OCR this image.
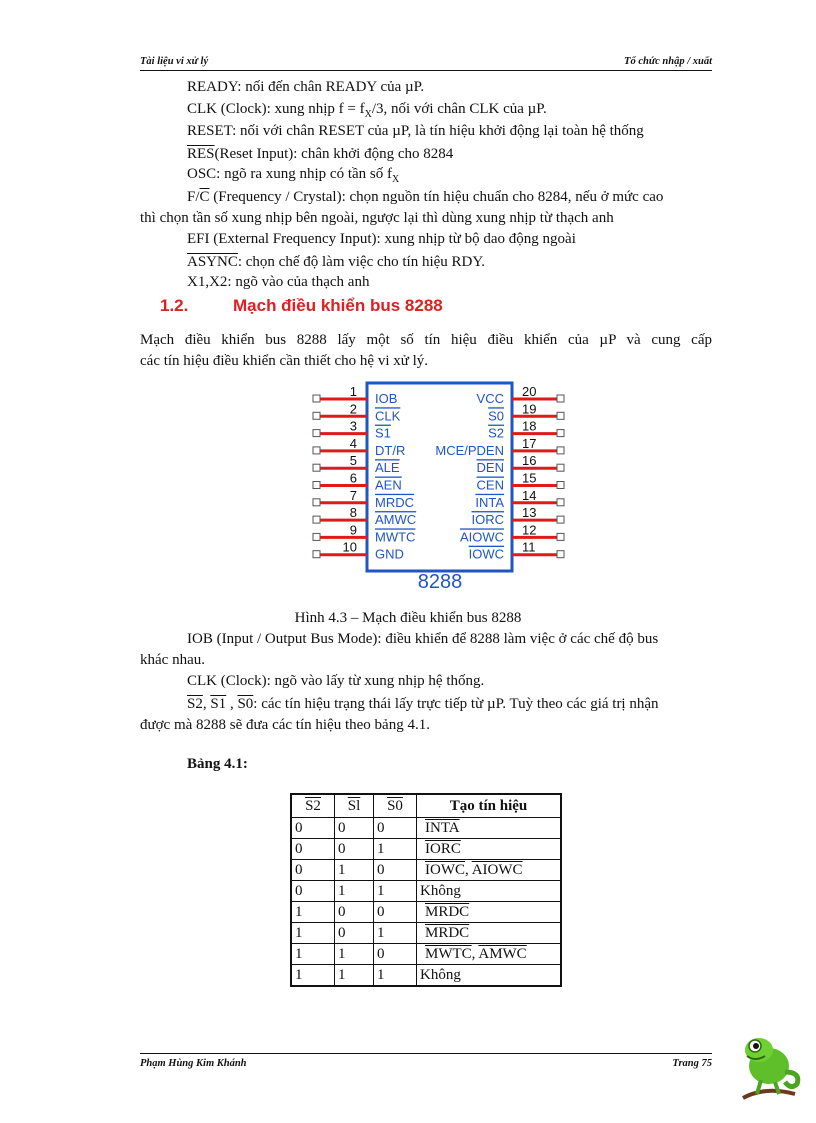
Tài liệu vi xử lý	Tổ chức nhập / xuất
READY: nối đến chân READY của µP.
CLK (Clock): xung nhịp $f = f_X/3$, nối với chân CLK của µP.
RESET: nối với chân RESET của µP, là tín hiệu khởi động lại toàn hệ thống
$\overline{RES}(Reset$ Input): chân khởi động cho 8284
OSC: ngõ ra xung nhịp có tần số $f_X$
$F/\overline{C}$ (Frequency / Crystal): chọn nguồn tín hiệu chuẩn cho 8284, nếu ở mức cao
thì chọn tần số xung nhịp bên ngoài, ngược lại thì dùng xung nhịp từ thạch anh
EFI (External Frequency Input): xung nhịp từ bộ dao động ngoài
ASYNC: chọn chế độ làm việc cho tín hiệu RDY.
X1,X2: ngõ vào của thạch anh
1.2.	Mạch điều khiển bus 8288
Mạch điều khiển bus 8288 lấy một số tín hiệu điều khiển của µP và cung cấp
các tín hiệu điều khiển cần thiết cho hệ vi xử lý.
1 IOB
2 CLK
3 S1
4 DT/R
5 ALE
6 AEN
7 MRDC
8 AMWC
9 MWTC
10 GND
20
VCC
19
S0
18
S2
17
MCE/PDEN
16
DEN
15
CEN
14
INTA
13
IORC
12
AIOWC
11
IOWC
8288
Hình 4.3 – Mạch điều khiển bus 8288
IOB (Input / Output Bus Mode): điều khiển để 8288 làm việc ở các chế độ bus
khác nhau.
CLK (Clock): ngõ vào lấy từ xung nhịp hệ thống.
S2, S1 , S0: các tín hiệu trạng thái lấy trực tiếp từ µP. Tuỳ theo các giá trị nhận
được mà 8288 sẽ đưa các tín hiệu theo bảng 4.1.
Bảng 4.1:
S2	$\overline{Sl}$	S0	Tạo tín hiệu
0	0	0	INTA
0	0	1	IORC
0	1	0	IOWC, AIOWC
0	1	1	Không
1	0	0	MRDC
1	0	1	MRDC
1	1	0	MWTC, AMWC
1	1	1	Không
Phạm Hùng Kim Khánh	Trang 75
